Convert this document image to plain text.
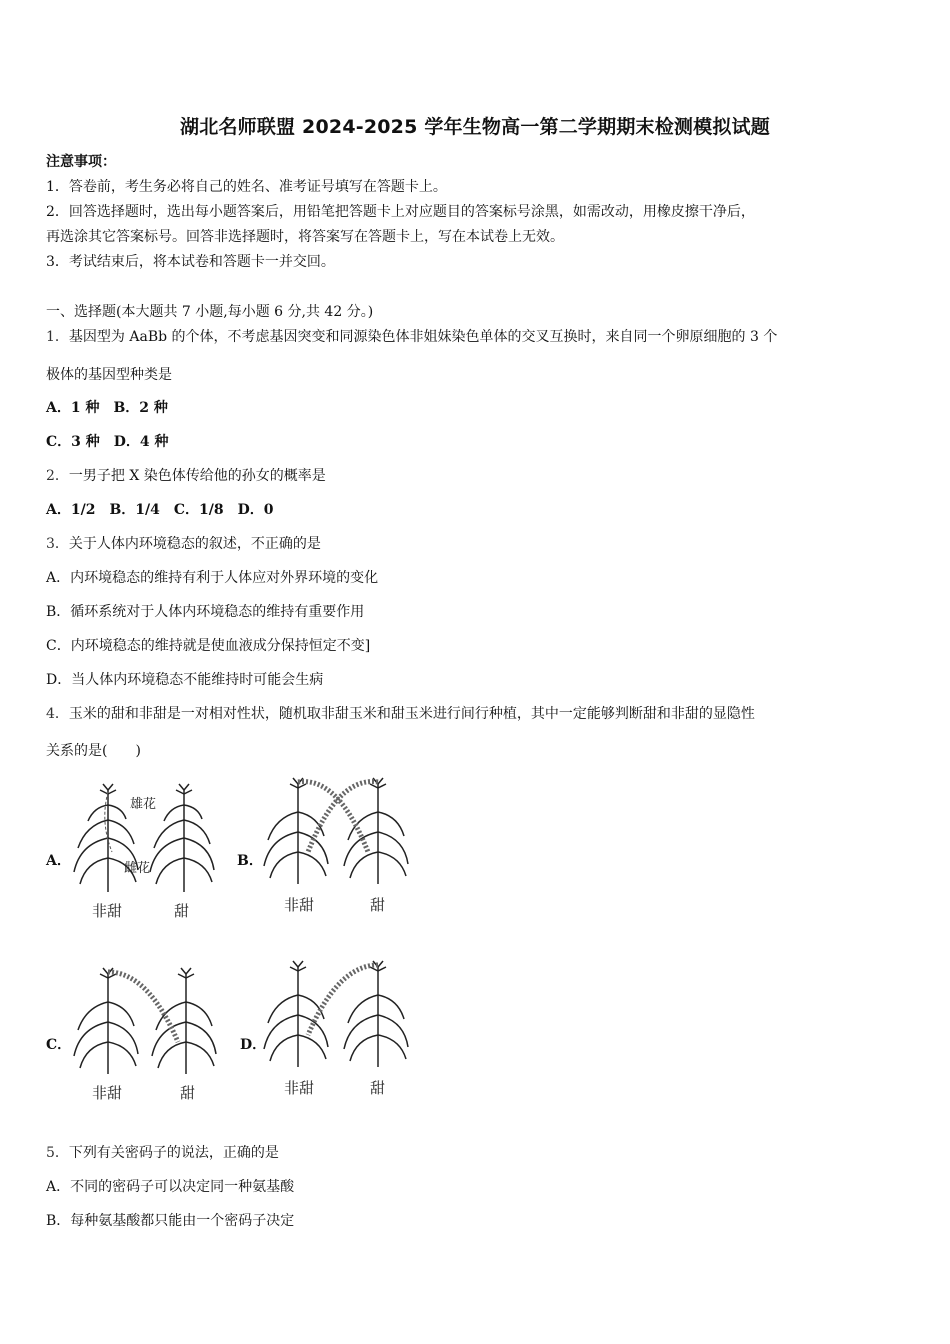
湖北名师联盟 2024-2025 学年生物高一第二学期期末检测模拟试题
注意事项：
1．答卷前，考生务必将自己的姓名、准考证号填写在答题卡上。
2．回答选择题时，选出每小题答案后，用铅笔把答题卡上对应题目的答案标号涂黑，如需改动，用橡皮擦干净后，
再选涂其它答案标号。回答非选择题时，将答案写在答题卡上，写在本试卷上无效。
3．考试结束后，将本试卷和答题卡一并交回。
一、选择题(本大题共 7 小题,每小题 6 分,共 42 分。)
1．基因型为 AaBb 的个体，不考虑基因突变和同源染色体非姐妹染色单体的交叉互换时，来自同一个卵原细胞的 3 个
极体的基因型种类是
A．1 种　B．2 种
C．3 种　D．4 种
2．一男子把 X 染色体传给他的孙女的概率是
A．1/2　B．1/4　C．1/8　D．0
3．关于人体内环境稳态的叙述，不正确的是
A．内环境稳态的维持有利于人体应对外界环境的变化
B．循环系统对于人体内环境稳态的维持有重要作用
C．内环境稳态的维持就是使血液成分保持恒定不变]
D．当人体内环境稳态不能维持时可能会生病
4．玉米的甜和非甜是一对相对性状，随机取非甜玉米和甜玉米进行间行种植，其中一定能够判断甜和非甜的显隐性
关系的是(　　)
A．
雄花
雌花
非甜	甜
B．
非甜	甜
C．
非甜	甜
D．
非甜	甜
5．下列有关密码子的说法，正确的是
A．不同的密码子可以决定同一种氨基酸
B．每种氨基酸都只能由一个密码子决定
